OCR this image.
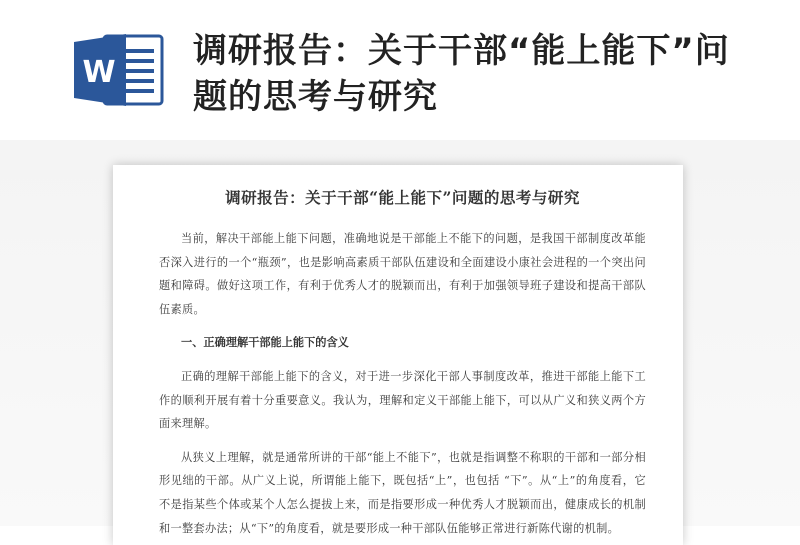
W
调研报告：关于干部“能上能下”问题的思考与研究
调研报告：关于干部“能上能下”问题的思考与研究

当前，解决干部能上能下问题，准确地说是干部能上不能下的问题，是我国干部制度改革能否深入进行的一个“瓶颈”，也是影响高素质干部队伍建设和全面建设小康社会进程的一个突出问题和障碍。做好这项工作，有利于优秀人才的脱颖而出，有利于加强领导班子建设和提高干部队伍素质。

一、正确理解干部能上能下的含义

正确的理解干部能上能下的含义，对于进一步深化干部人事制度改革，推进干部能上能下工作的顺利开展有着十分重要意义。我认为，理解和定义干部能上能下，可以从广义和狭义两个方面来理解。

从狭义上理解，就是通常所讲的干部“能上不能下”，也就是指调整不称职的干部和一部分相形见绌的干部。从广义上说，所谓能上能下，既包括“上”，也包括 “下”。从“上”的角度看，它不是指某些个体或某个人怎么提拔上来，而是指要形成一种优秀人才脱颖而出，健康成长的机制和一整套办法；从“下”的角度看，就是要形成一种干部队伍能够正常进行新陈代谢的机制。
